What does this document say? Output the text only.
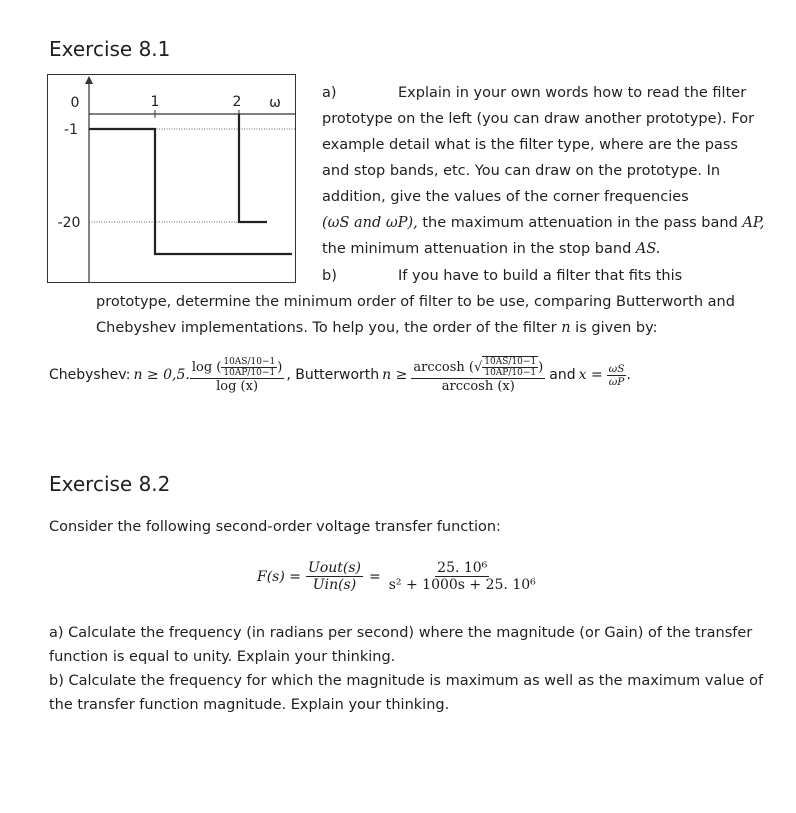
Exercise 8.1
1	2 ω
0
-1
-20
a)	Explain in your own words how to read the filter
prototype on the left (you can draw another prototype). For
example detail what is the filter type, where are the pass
and stop bands, etc. You can draw on the prototype. In
addition, give the values of the corner frequencies
(ωS and ωP), the maximum attenuation in the pass band AP,
the minimum attenuation in the stop band AS.
b)	If you have to build a filter that fits this
prototype, determine the minimum order of filter to be use, comparing Butterworth and
Chebyshev implementations. To help you, the order of the filter n is given by:
Chebyshev: n ≥ 0,5. $\frac{\log ( \frac{10AS/10-1}{10AP/10-1} )}{\log (x)}$ , Butterworth n ≥ arccosh ( √ $\frac{10AS/10-1}{10AP/10-1}$ )
arccosh (x)
and $x = \frac{\omega S}{\omega P}$ .
Exercise 8.2
Consider the following second-order voltage transfer function:
$F(s) = \frac{\text{Uout(s)}}{\text{Uin(s)}} = \frac{\text{25. 10⁶}}{\text{s² + 1000s + 25. 10⁶}}$
a) Calculate the frequency (in radians per second) where the magnitude (or Gain) of the transfer
function is equal to unity. Explain your thinking.
b) Calculate the frequency for which the magnitude is maximum as well as the maximum value of
the transfer function magnitude. Explain your thinking.
